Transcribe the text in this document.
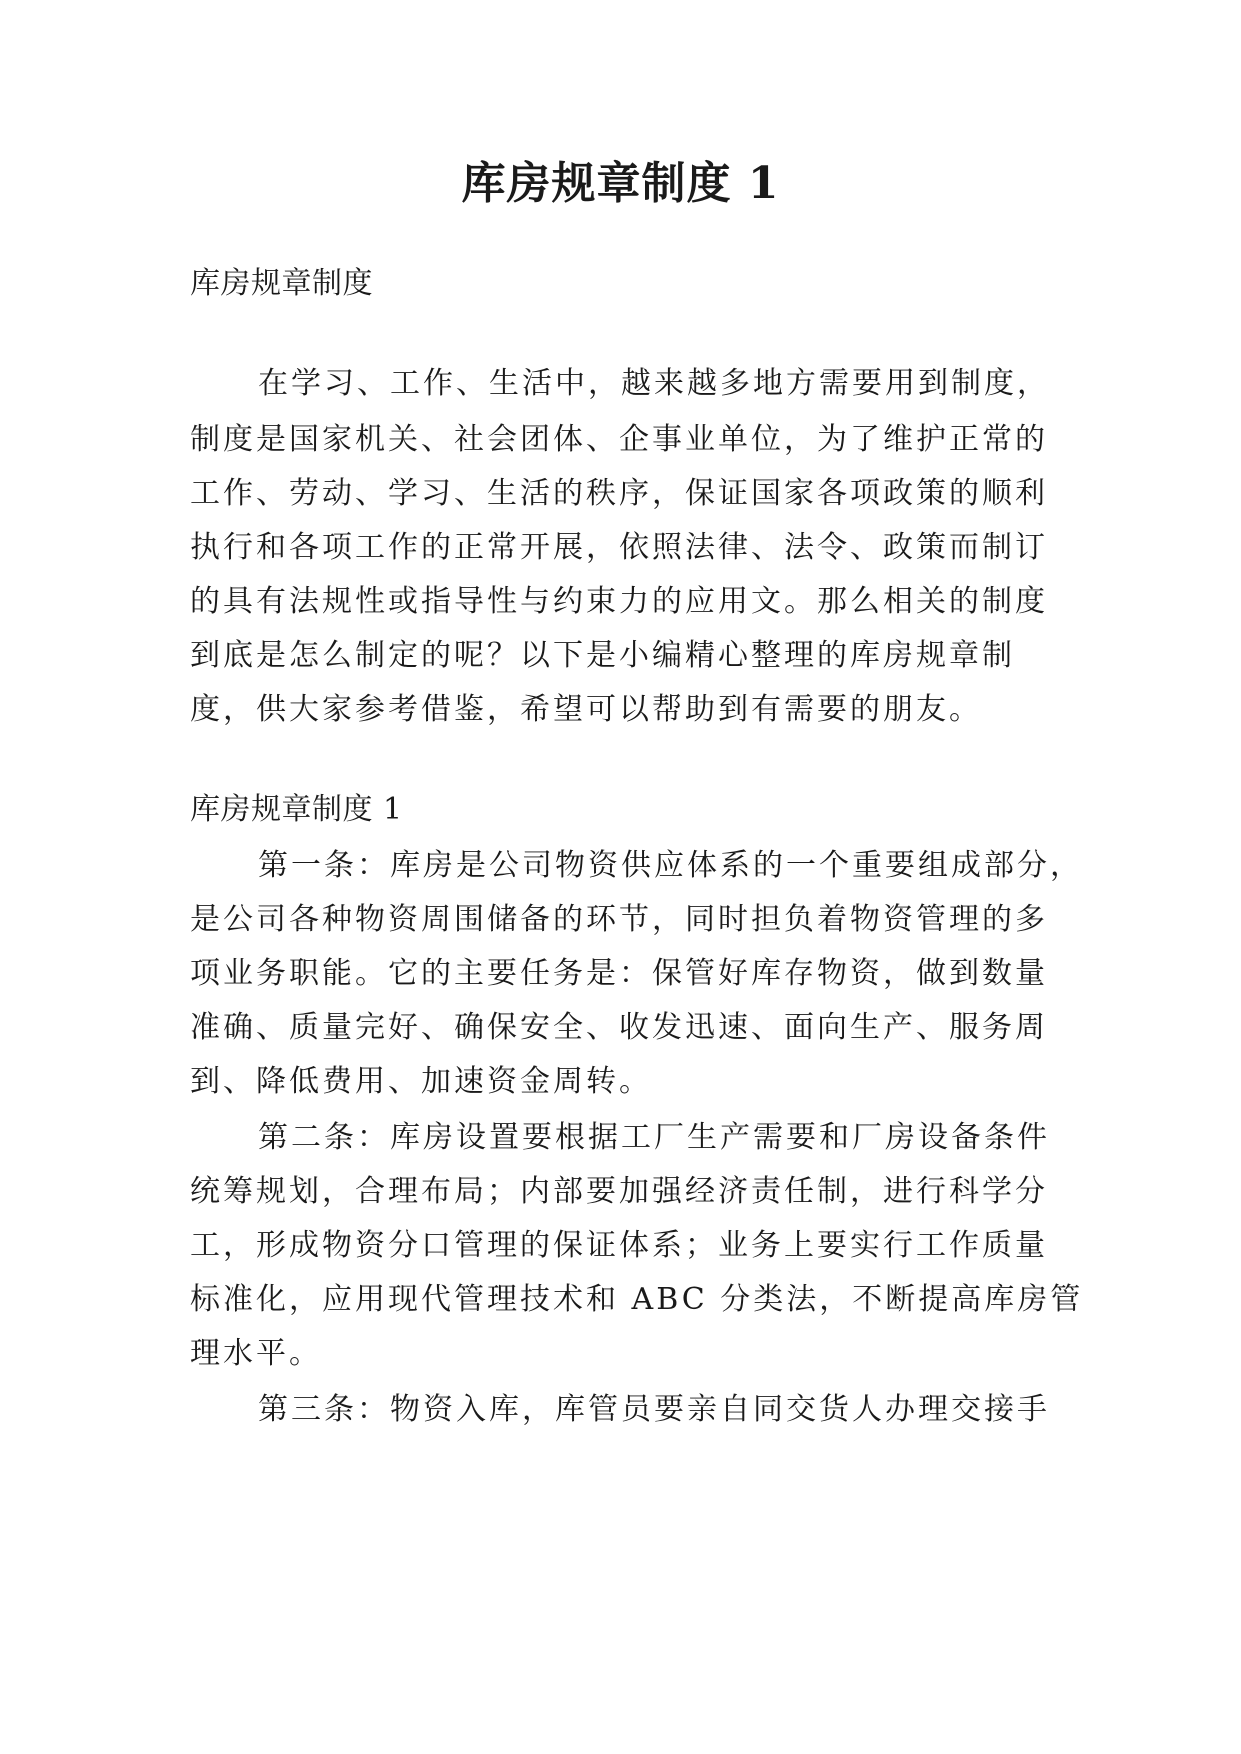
库房规章制度 1
库房规章制度
在学习、工作、生活中，越来越多地方需要用到制度，
制度是国家机关、社会团体、企事业单位，为了维护正常的
工作、劳动、学习、生活的秩序，保证国家各项政策的顺利
执行和各项工作的正常开展，依照法律、法令、政策而制订
的具有法规性或指导性与约束力的应用文。那么相关的制度
到底是怎么制定的呢？以下是小编精心整理的库房规章制
度，供大家参考借鉴，希望可以帮助到有需要的朋友。
库房规章制度 1
第一条：库房是公司物资供应体系的一个重要组成部分，
是公司各种物资周围储备的环节，同时担负着物资管理的多
项业务职能。它的主要任务是：保管好库存物资，做到数量
准确、质量完好、确保安全、收发迅速、面向生产、服务周
到、降低费用、加速资金周转。
第二条：库房设置要根据工厂生产需要和厂房设备条件
统筹规划，合理布局；内部要加强经济责任制，进行科学分
工，形成物资分口管理的保证体系；业务上要实行工作质量
标准化，应用现代管理技术和 ABC 分类法，不断提高库房管
理水平。
第三条：物资入库，库管员要亲自同交货人办理交接手
